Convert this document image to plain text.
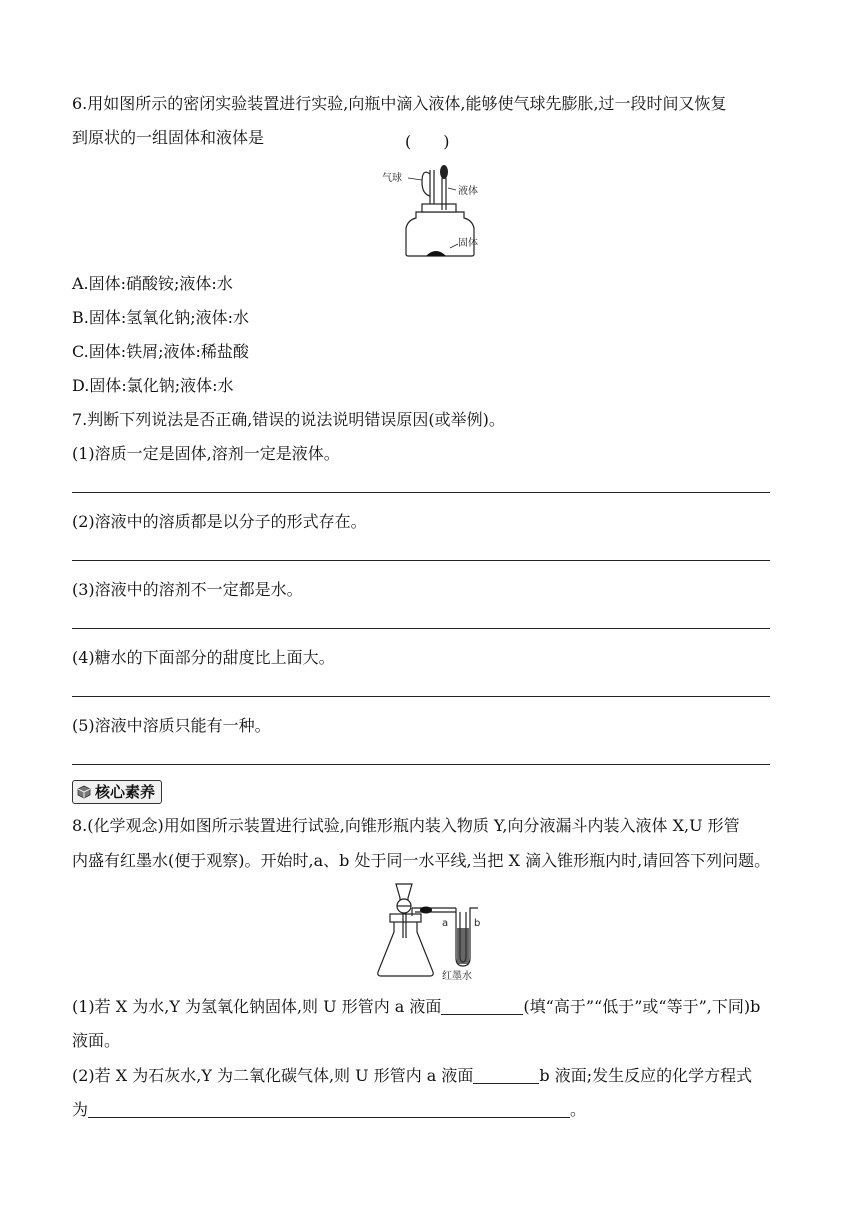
6.用如图所示的密闭实验装置进行实验,向瓶中滴入液体,能够使气球先膨胀,过一段时间又恢复
到原状的一组固体和液体是	(　　)
气球
液体
固体
A.固体:硝酸铵;液体:水
B.固体:氢氧化钠;液体:水
C.固体:铁屑;液体:稀盐酸
D.固体:氯化钠;液体:水
7.判断下列说法是否正确,错误的说法说明错误原因(或举例)。
(1)溶质一定是固体,溶剂一定是液体。
(2)溶液中的溶质都是以分子的形式存在。
(3)溶液中的溶剂不一定都是水。
(4)糖水的下面部分的甜度比上面大。
(5)溶液中溶质只能有一种。
核心素养
8.(化学观念)用如图所示装置进行试验,向锥形瓶内装入物质 Y,向分液漏斗内装入液体 X,U 形管
内盛有红墨水(便于观察)。开始时,a、b 处于同一水平线,当把 X 滴入锥形瓶内时,请回答下列问题。
a	b
红墨水
(1)若 X 为水,Y 为氢氧化钠固体,则 U 形管内 a 液面	(填“高于”“低于”或“等于”,下同)b
液面。
(2)若 X 为石灰水,Y 为二氧化碳气体,则 U 形管内 a 液面	b 液面;发生反应的化学方程式
为	。
